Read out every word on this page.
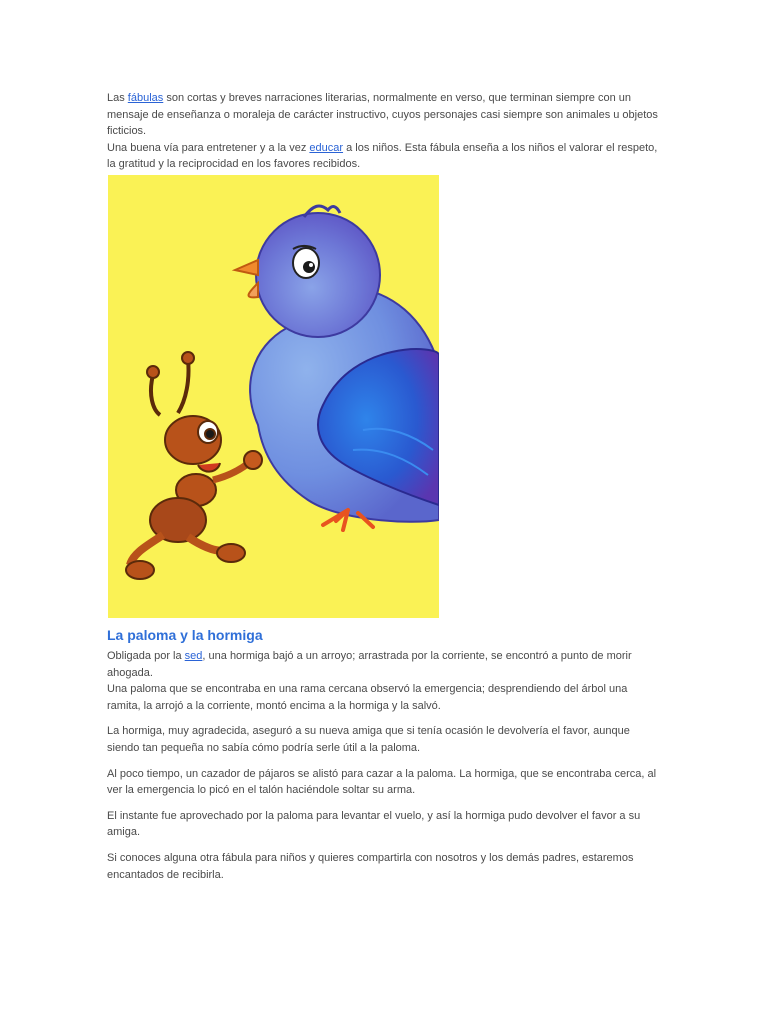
Las fábulas son cortas y breves narraciones literarias, normalmente en verso, que terminan siempre con un mensaje de enseñanza o moraleja de carácter instructivo, cuyos personajes casi siempre son animales u objetos ficticios.

Una buena vía para entretener y a la vez educar a los niños. Esta fábula enseña a los niños el valorar el respeto, la gratitud y la reciprocidad en los favores recibidos.

La paloma y la hormiga

Obligada por la sed, una hormiga bajó a un arroyo; arrastrada por la corriente, se encontró a punto de morir ahogada.

Una paloma que se encontraba en una rama cercana observó la emergencia; desprendiendo del árbol una ramita, la arrojó a la corriente, montó encima a la hormiga y la salvó.

La hormiga, muy agradecida, aseguró a su nueva amiga que si tenía ocasión le devolvería el favor, aunque siendo tan pequeña no sabía cómo podría serle útil a la paloma.

Al poco tiempo, un cazador de pájaros se alistó para cazar a la paloma. La hormiga, que se encontraba cerca, al ver la emergencia lo picó en el talón haciéndole soltar su arma.

El instante fue aprovechado por la paloma para levantar el vuelo, y así la hormiga pudo devolver el favor a su amiga.

Si conoces alguna otra fábula para niños y quieres compartirla con nosotros y los demás padres, estaremos encantados de recibirla.
